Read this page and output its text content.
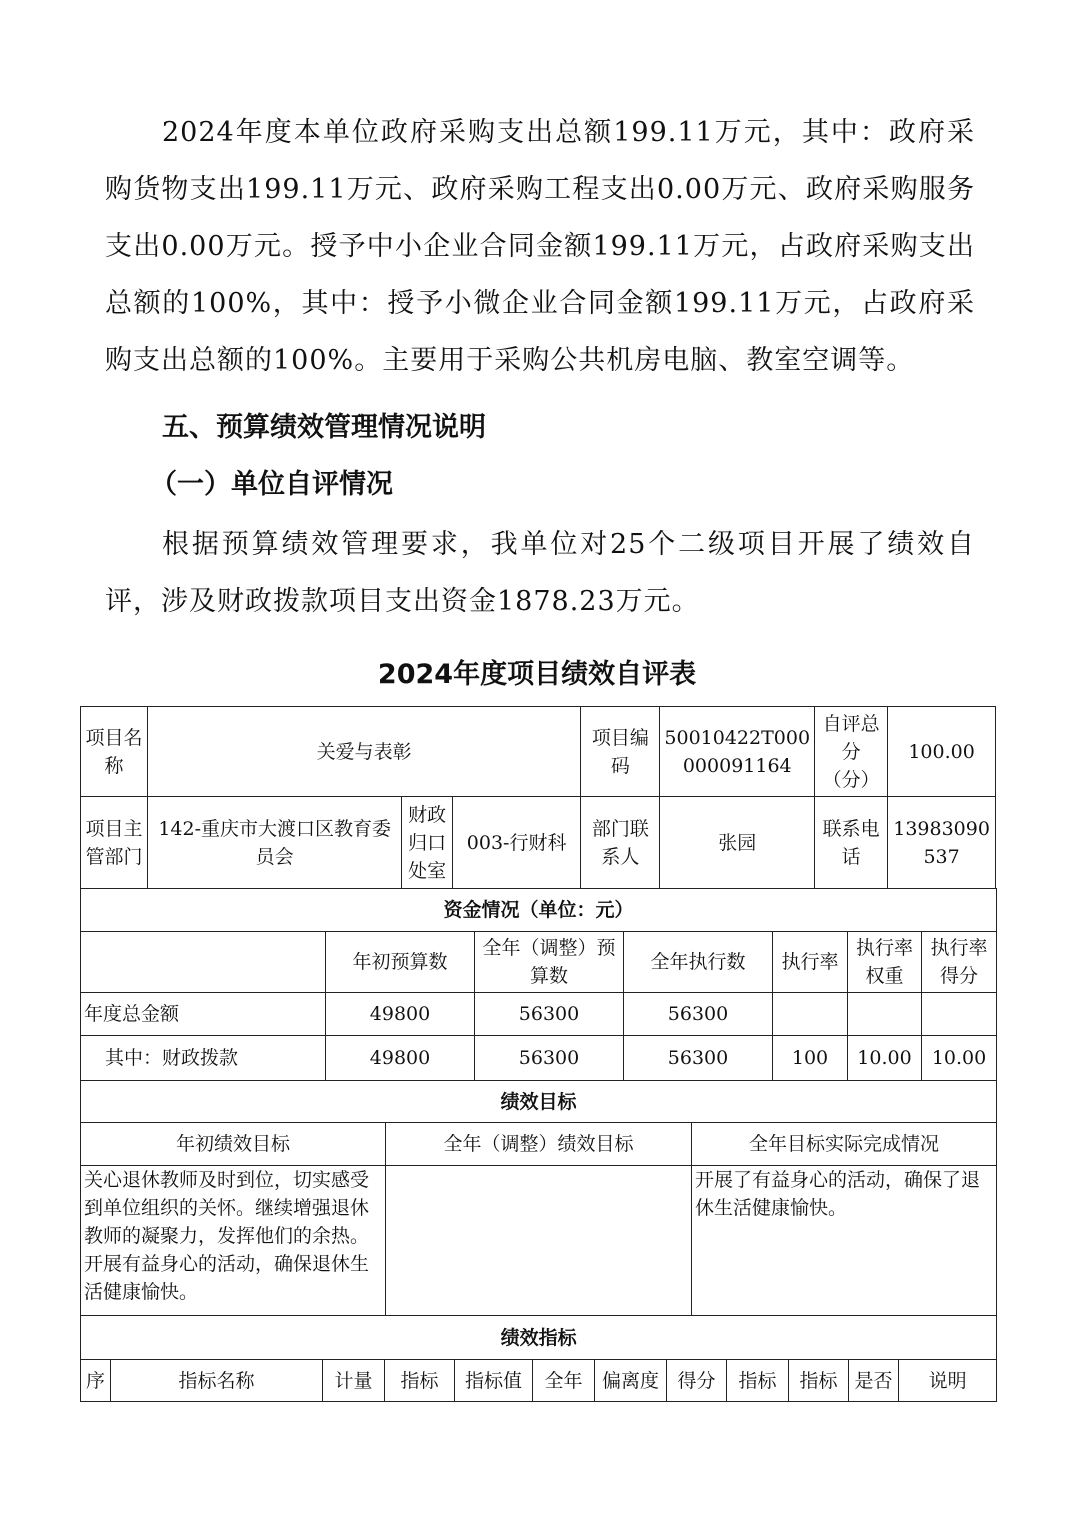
2024年度本单位政府采购支出总额199.11万元，其中：政府采购货物支出199.11万元、政府采购工程支出0.00万元、政府采购服务支出0.00万元。授予中小企业合同金额199.11万元，占政府采购支出总额的100%，其中：授予小微企业合同金额199.11万元，占政府采购支出总额的100%。主要用于采购公共机房电脑、教室空调等。

五、预算绩效管理情况说明

（一）单位自评情况

根据预算绩效管理要求，我单位对25个二级项目开展了绩效自评，涉及财政拨款项目支出资金1878.23万元。

2024年度项目绩效自评表
项目名称	关爱与表彰			项目编码	50010422T000000091164	自评总分（分）	100.00
项目主管部门	142-重庆市大渡口区教育委员会	财政归口处室	003-行财科	部门联系人	张园	联系电话	13983090537
资金情况（单位：元）						
	年初预算数	全年（调整）预算数	全年执行数	执行率	执行率权重	执行率得分
年度总金额	49800	56300	56300			
其中：财政拨款	49800	56300	56300	100	10.00	10.00
绩效目标		
年初绩效目标	全年（调整）绩效目标	全年目标实际完成情况
关心退休教师及时到位，切实感受到单位组织的关怀。继续增强退休教师的凝聚力，发挥他们的余热。开展有益身心的活动，确保退休生活健康愉快。		开展了有益身心的活动，确保了退休生活健康愉快。
绩效指标
序	指标名称	计量	指标	指标值	全年	偏离度	得分	指标	指标	是否	说明
